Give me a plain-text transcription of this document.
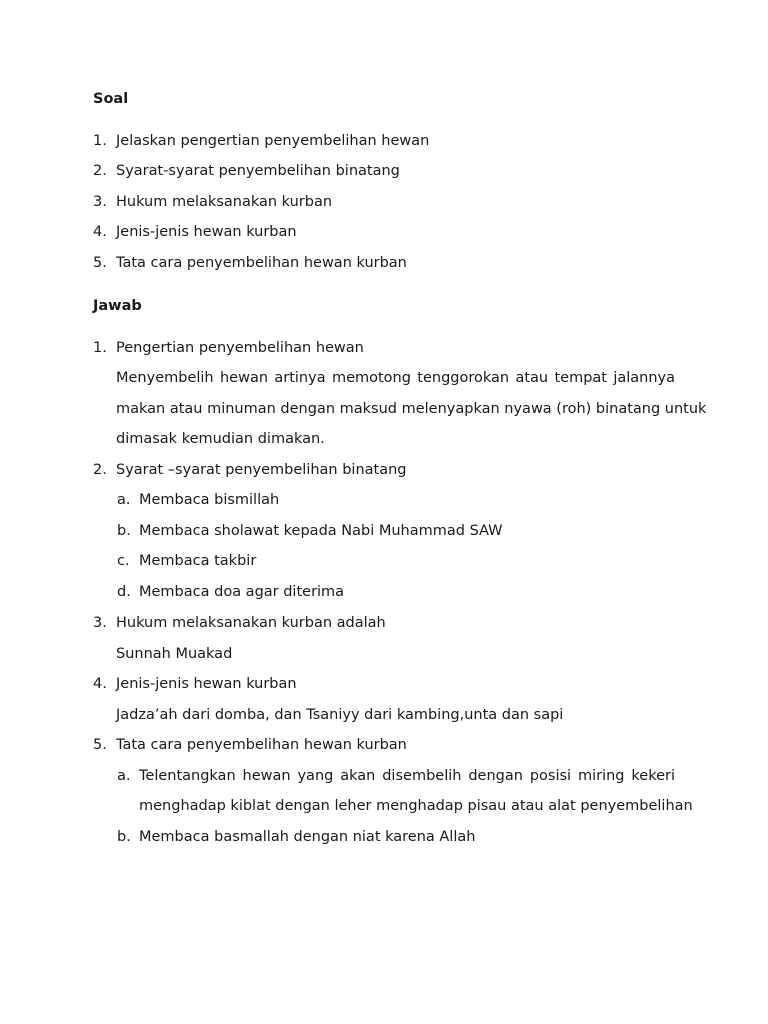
Soal
1. Jelaskan pengertian penyembelihan hewan
2. Syarat-syarat penyembelihan binatang
3. Hukum melaksanakan kurban
4. Jenis-jenis hewan kurban
5. Tata cara penyembelihan hewan kurban
Jawab
1. Pengertian penyembelihan hewan
Menyembelih hewan artinya memotong tenggorokan atau tempat jalannya
makan atau minuman dengan maksud melenyapkan nyawa (roh) binatang untuk
dimasak kemudian dimakan.
2. Syarat –syarat penyembelihan binatang
a. Membaca bismillah
b. Membaca sholawat kepada Nabi Muhammad SAW
c. Membaca takbir
d. Membaca doa agar diterima
3. Hukum melaksanakan kurban adalah
Sunnah Muakad
4. Jenis-jenis hewan kurban
Jadza’ah dari domba, dan Tsaniyy dari kambing,unta dan sapi
5. Tata cara penyembelihan hewan kurban
a. Telentangkan hewan yang akan disembelih dengan posisi miring kekeri
menghadap kiblat dengan leher menghadap pisau atau alat penyembelihan
b. Membaca basmallah dengan niat karena Allah
